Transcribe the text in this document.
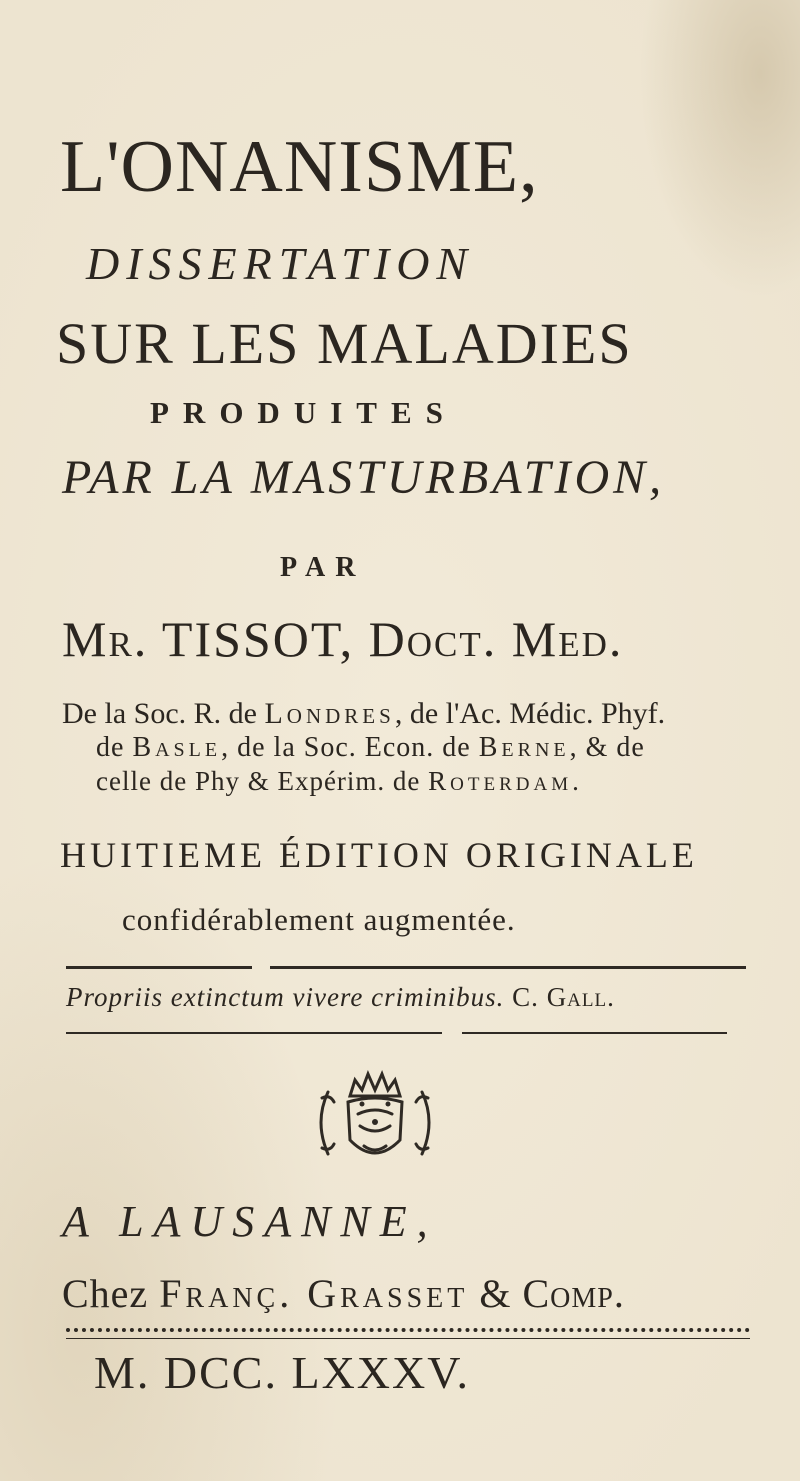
L'ONANISME,
DISSERTATION
SUR LES MALADIES
PRODUITES
PAR LA MASTURBATION,
PAR
Mr. TISSOT, Doct. Med.
De la Soc. R. de Londres, de l'Ac. Médic. Phyf.
de Basle, de la Soc. Econ. de Berne, & de
celle de Phy & Expérim. de Roterdam.
HUITIEME ÉDITION ORIGINALE
confidérablement augmentée.
Propriis extinctum vivere criminibus. C. Gall.
A LAUSANNE,
Chez Franç. Grasset & Comp.
M. DCC. LXXXV.
